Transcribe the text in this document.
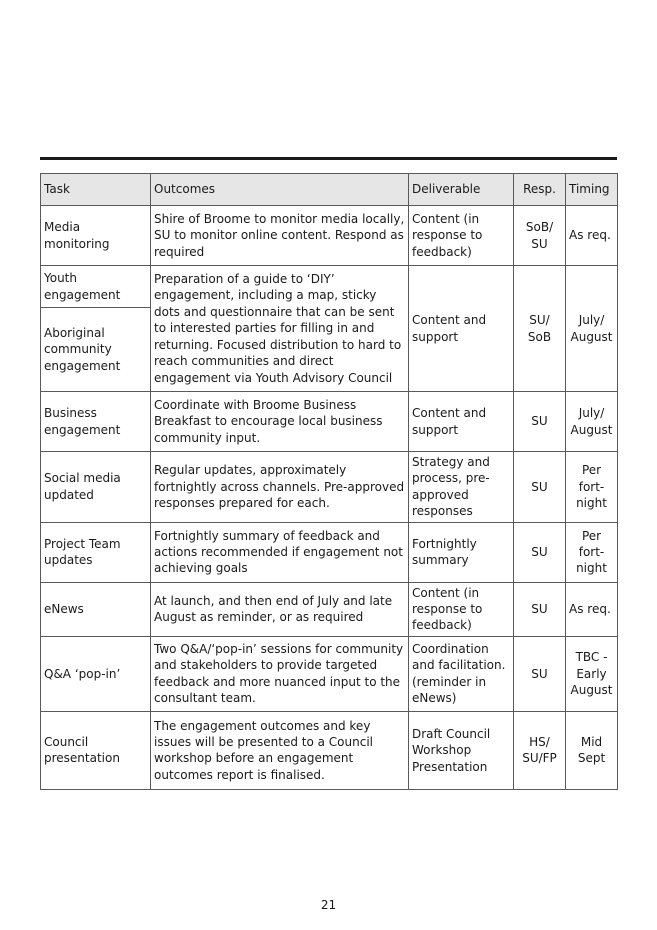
Task	Outcomes	Deliverable	Resp.	Timing
Media monitoring	Shire of Broome to monitor media locally, SU to monitor online content. Respond as required	Content (in response to feedback)	SoB/ SU	As req.
Youth engagement	Preparation of a guide to ‘DIY’ engagement, including a map, sticky dots and questionnaire that can be sent to interested parties for filling in and returning. Focused distribution to hard to reach communities and direct engagement via Youth Advisory Council	Content and support	SU/ SoB	July/ August
Aboriginal community engagement				
Business engagement	Coordinate with Broome Business Breakfast to encourage local business community input.	Content and support	SU	July/ August
Social media updated	Regular updates, approximately fortnightly across channels. Pre-approved responses prepared for each.	Strategy and process, pre-approved responses	SU	Per fort-night
Project Team updates	Fortnightly summary of feedback and actions recommended if engagement not achieving goals	Fortnightly summary	SU	Per fort-night
eNews	At launch, and then end of July and late August as reminder, or as required	Content (in response to feedback)	SU	As req.
Q&A ‘pop-in’	Two Q&A/‘pop-in’ sessions for community and stakeholders to provide targeted feedback and more nuanced input to the consultant team.	Coordination and facilitation. (reminder in eNews)	SU	TBC - Early August
Council presentation	The engagement outcomes and key issues will be presented to a Council workshop before an engagement outcomes report is finalised.	Draft Council Workshop Presentation	HS/ SU/FP	Mid Sept
21
